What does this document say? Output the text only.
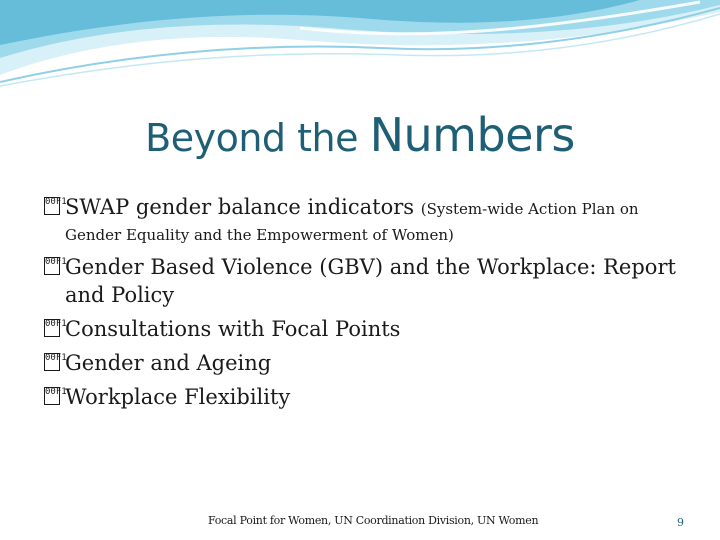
Beyond the Numbers
00F1
SWAP gender balance indicators (System-wide Action Plan on
Gender Equality and the Empowerment of Women)
00F1
Gender Based Violence (GBV) and the Workplace: Report and Policy
00F1
Consultations with Focal Points
00F1
Gender and Ageing
00F1
Workplace Flexibility
Focal Point for Women, UN Coordination Division, UN Women	9
